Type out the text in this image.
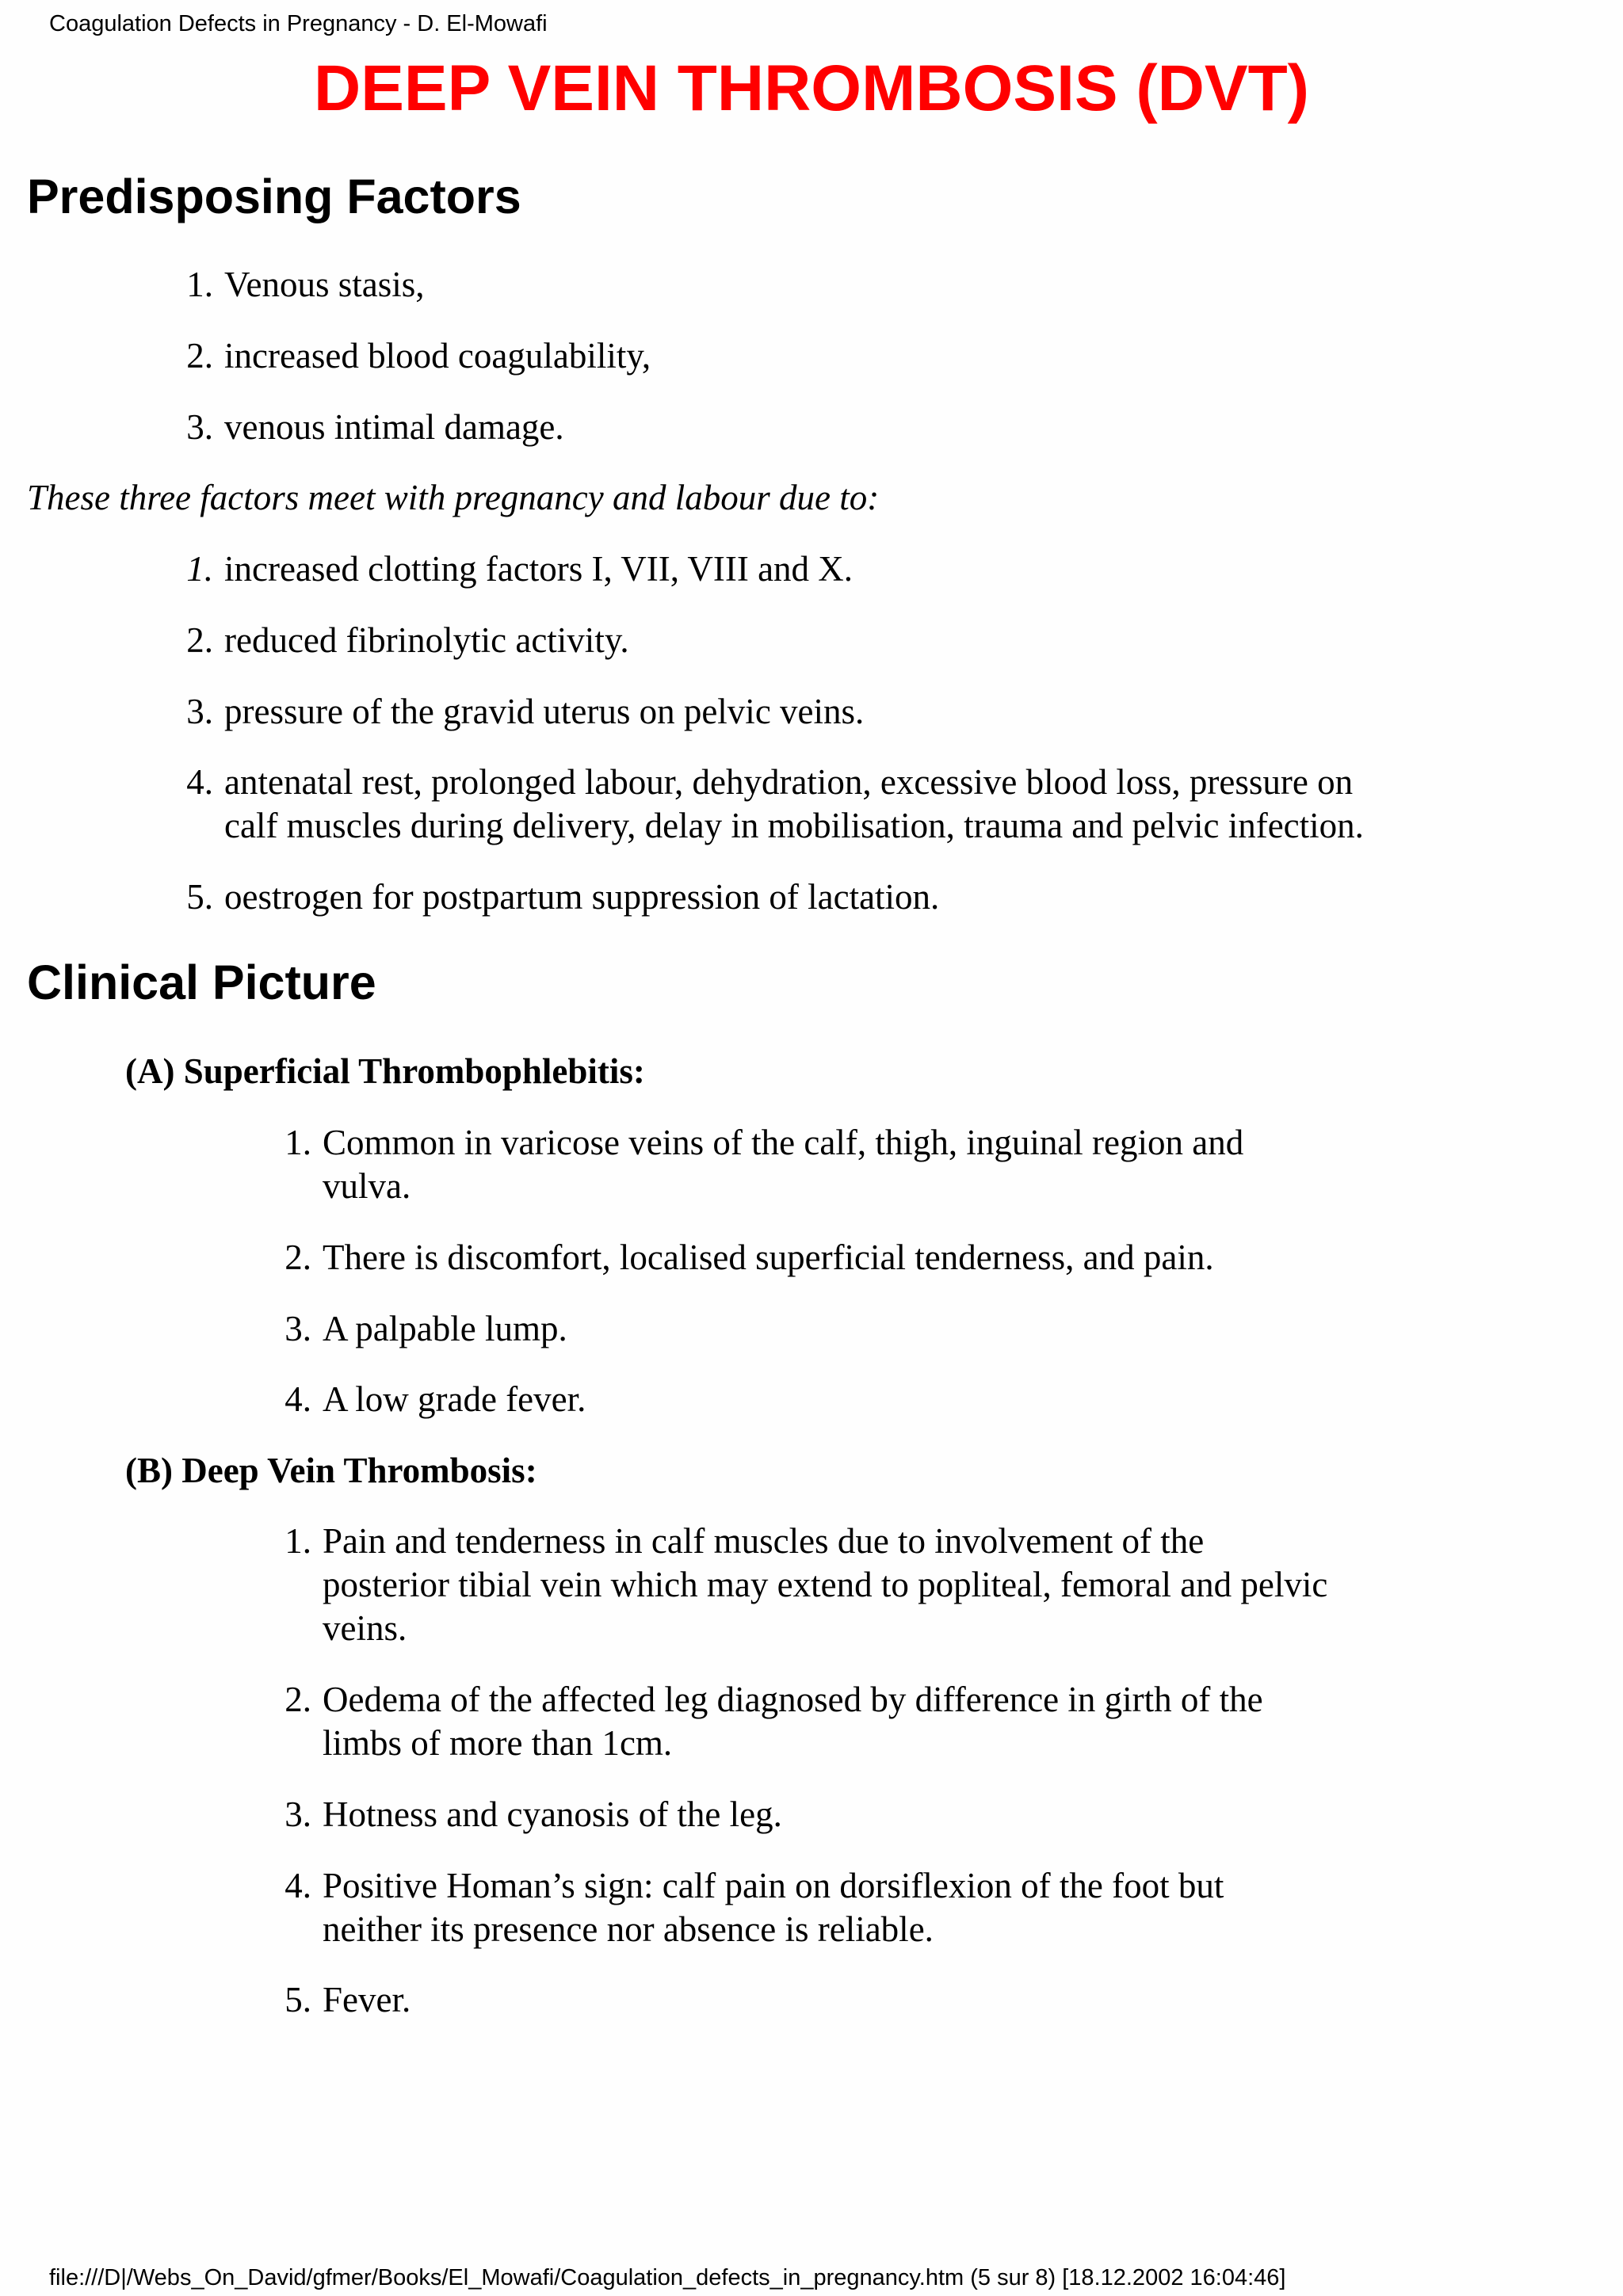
Coagulation Defects in Pregnancy - D. El-Mowafi
DEEP VEIN THROMBOSIS (DVT)
Predisposing Factors
1. Venous stasis,
2. increased blood coagulability,
3. venous intimal damage.
These three factors meet with pregnancy and labour due to:
1. increased clotting factors I, VII, VIII and X.
2. reduced fibrinolytic activity.
3. pressure of the gravid uterus on pelvic veins.
4. antenatal rest, prolonged labour, dehydration, excessive blood loss, pressure on
calf muscles during delivery, delay in mobilisation, trauma and pelvic infection.
5. oestrogen for postpartum suppression of lactation.
Clinical Picture
(A) Superficial Thrombophlebitis:
1. Common in varicose veins of the calf, thigh, inguinal region and
vulva.
2. There is discomfort, localised superficial tenderness, and pain.
3. A palpable lump.
4. A low grade fever.
(B) Deep Vein Thrombosis:
1. Pain and tenderness in calf muscles due to involvement of the
posterior tibial vein which may extend to popliteal, femoral and pelvic
veins.
2. Oedema of the affected leg diagnosed by difference in girth of the
limbs of more than 1cm.
3. Hotness and cyanosis of the leg.
4. Positive Homan’s sign: calf pain on dorsiflexion of the foot but
neither its presence nor absence is reliable.
5. Fever.
file:///D|/Webs_On_David/gfmer/Books/El_Mowafi/Coagulation_defects_in_pregnancy.htm (5 sur 8) [18.12.2002 16:04:46]
